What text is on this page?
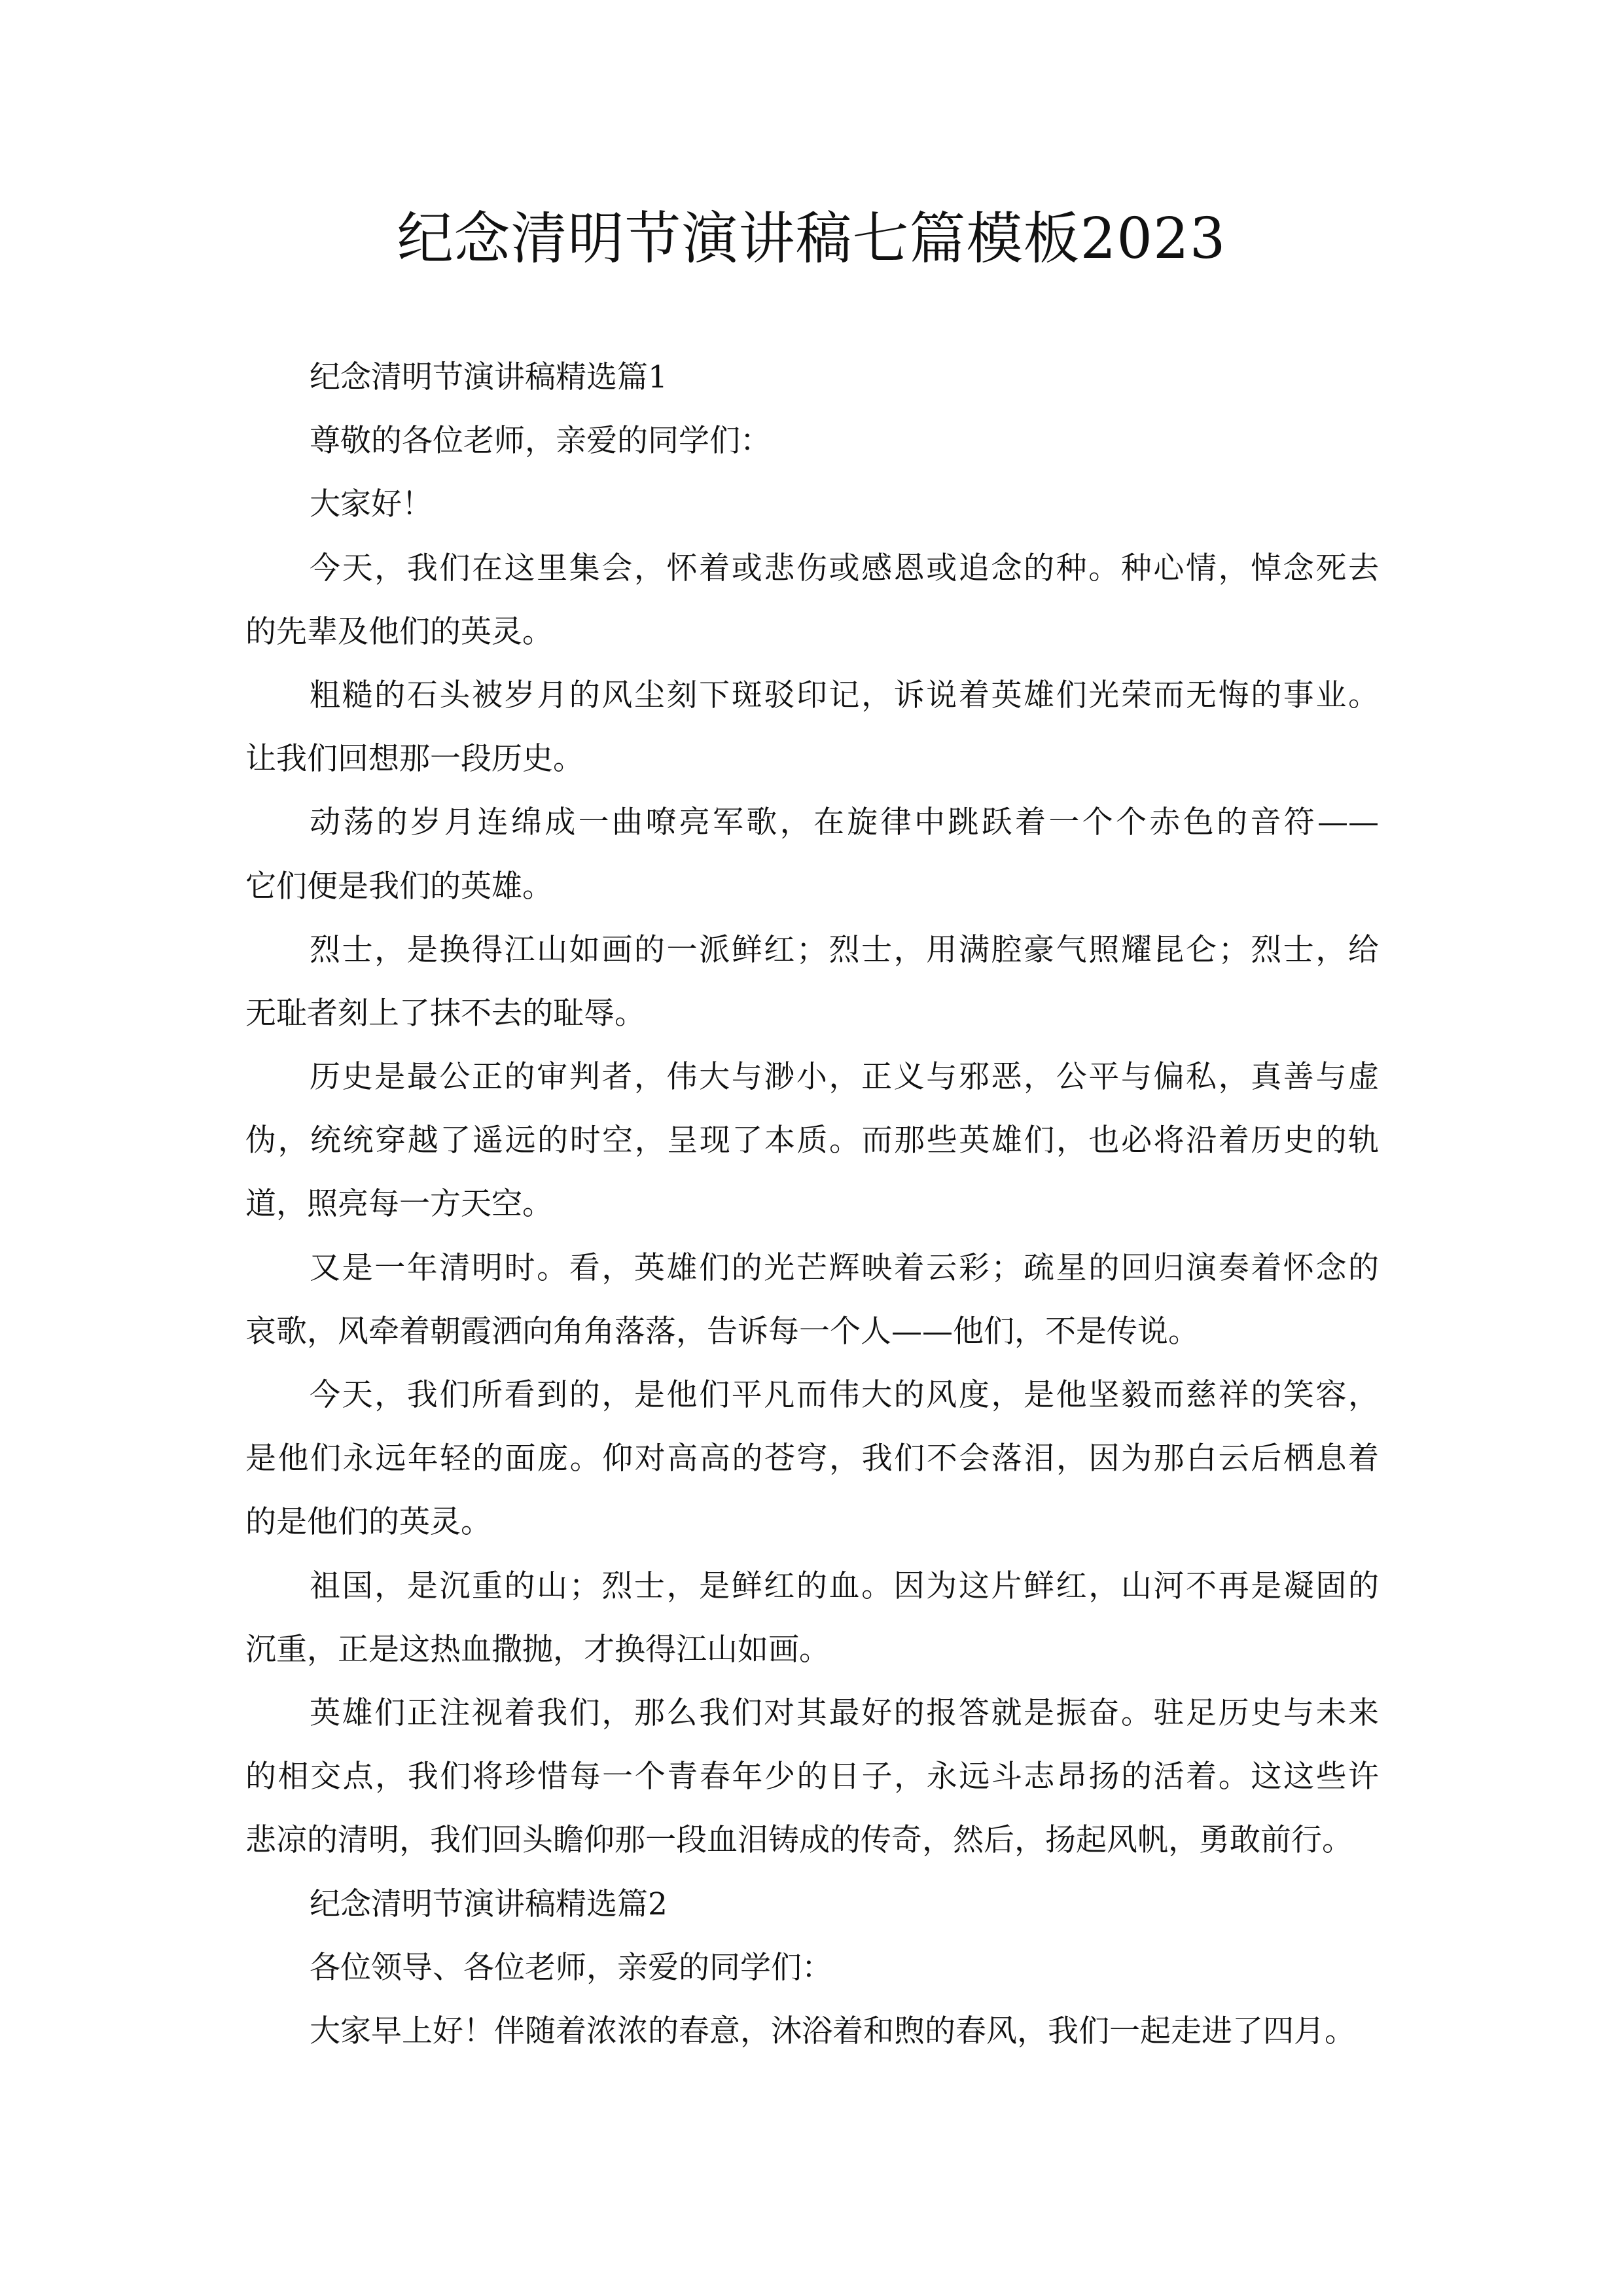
纪念清明节演讲稿七篇模板2023
纪念清明节演讲稿精选篇1
尊敬的各位老师，亲爱的同学们：
大家好！
今天，我们在这里集会，怀着或悲伤或感恩或追念的种。种心情，悼念死去
的先辈及他们的英灵。
粗糙的石头被岁月的风尘刻下斑驳印记，诉说着英雄们光荣而无悔的事业。
让我们回想那一段历史。
动荡的岁月连绵成一曲嘹亮军歌，在旋律中跳跃着一个个赤色的音符——
它们便是我们的英雄。
烈士，是换得江山如画的一派鲜红；烈士，用满腔豪气照耀昆仑；烈士，给
无耻者刻上了抹不去的耻辱。
历史是最公正的审判者，伟大与渺小，正义与邪恶，公平与偏私，真善与虚
伪，统统穿越了遥远的时空，呈现了本质。而那些英雄们，也必将沿着历史的轨
道，照亮每一方天空。
又是一年清明时。看，英雄们的光芒辉映着云彩；疏星的回归演奏着怀念的
哀歌，风牵着朝霞洒向角角落落，告诉每一个人——他们，不是传说。
今天，我们所看到的，是他们平凡而伟大的风度，是他坚毅而慈祥的笑容，
是他们永远年轻的面庞。仰对高高的苍穹，我们不会落泪，因为那白云后栖息着
的是他们的英灵。
祖国，是沉重的山；烈士，是鲜红的血。因为这片鲜红，山河不再是凝固的
沉重，正是这热血撒抛，才换得江山如画。
英雄们正注视着我们，那么我们对其最好的报答就是振奋。驻足历史与未来
的相交点，我们将珍惜每一个青春年少的日子，永远斗志昂扬的活着。这这些许
悲凉的清明，我们回头瞻仰那一段血泪铸成的传奇，然后，扬起风帆，勇敢前行。
纪念清明节演讲稿精选篇2
各位领导、各位老师，亲爱的同学们：
大家早上好！伴随着浓浓的春意，沐浴着和煦的春风，我们一起走进了四月。
